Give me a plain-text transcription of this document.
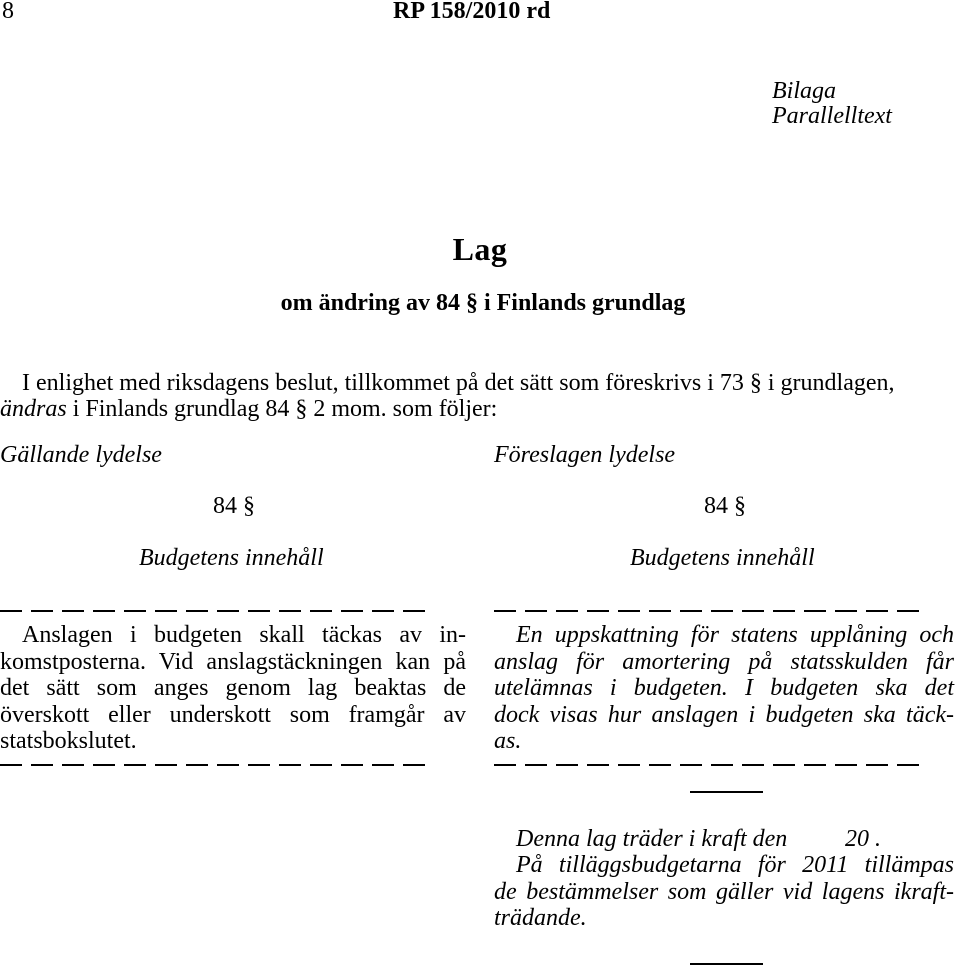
8	RP 158/2010 rd
Bilaga
Parallelltext
Lag
om ändring av 84 § i Finlands grundlag
I enlighet med riksdagens beslut, tillkommet på det sätt som föreskrivs i 73 § i grundlagen,
ändras i Finlands grundlag 84 § 2 mom. som följer:
Gällande lydelse	Föreslagen lydelse
84 §	84 §
Budgetens innehåll	Budgetens innehåll
Anslagen i budgeten skall täckas av in-
komstposterna. Vid anslagstäckningen kan på
det sätt som anges genom lag beaktas de
överskott eller underskott som framgår av
statsbokslutet.
En uppskattning för statens upplåning och
anslag för amortering på statsskulden får
utelämnas i budgeten. I budgeten ska det
dock visas hur anslagen i budgeten ska täck-
as.
Denna lag träder i kraft den 20 .
På tilläggsbudgetarna för 2011 tillämpas
de bestämmelser som gäller vid lagens ikraft-
trädande.
